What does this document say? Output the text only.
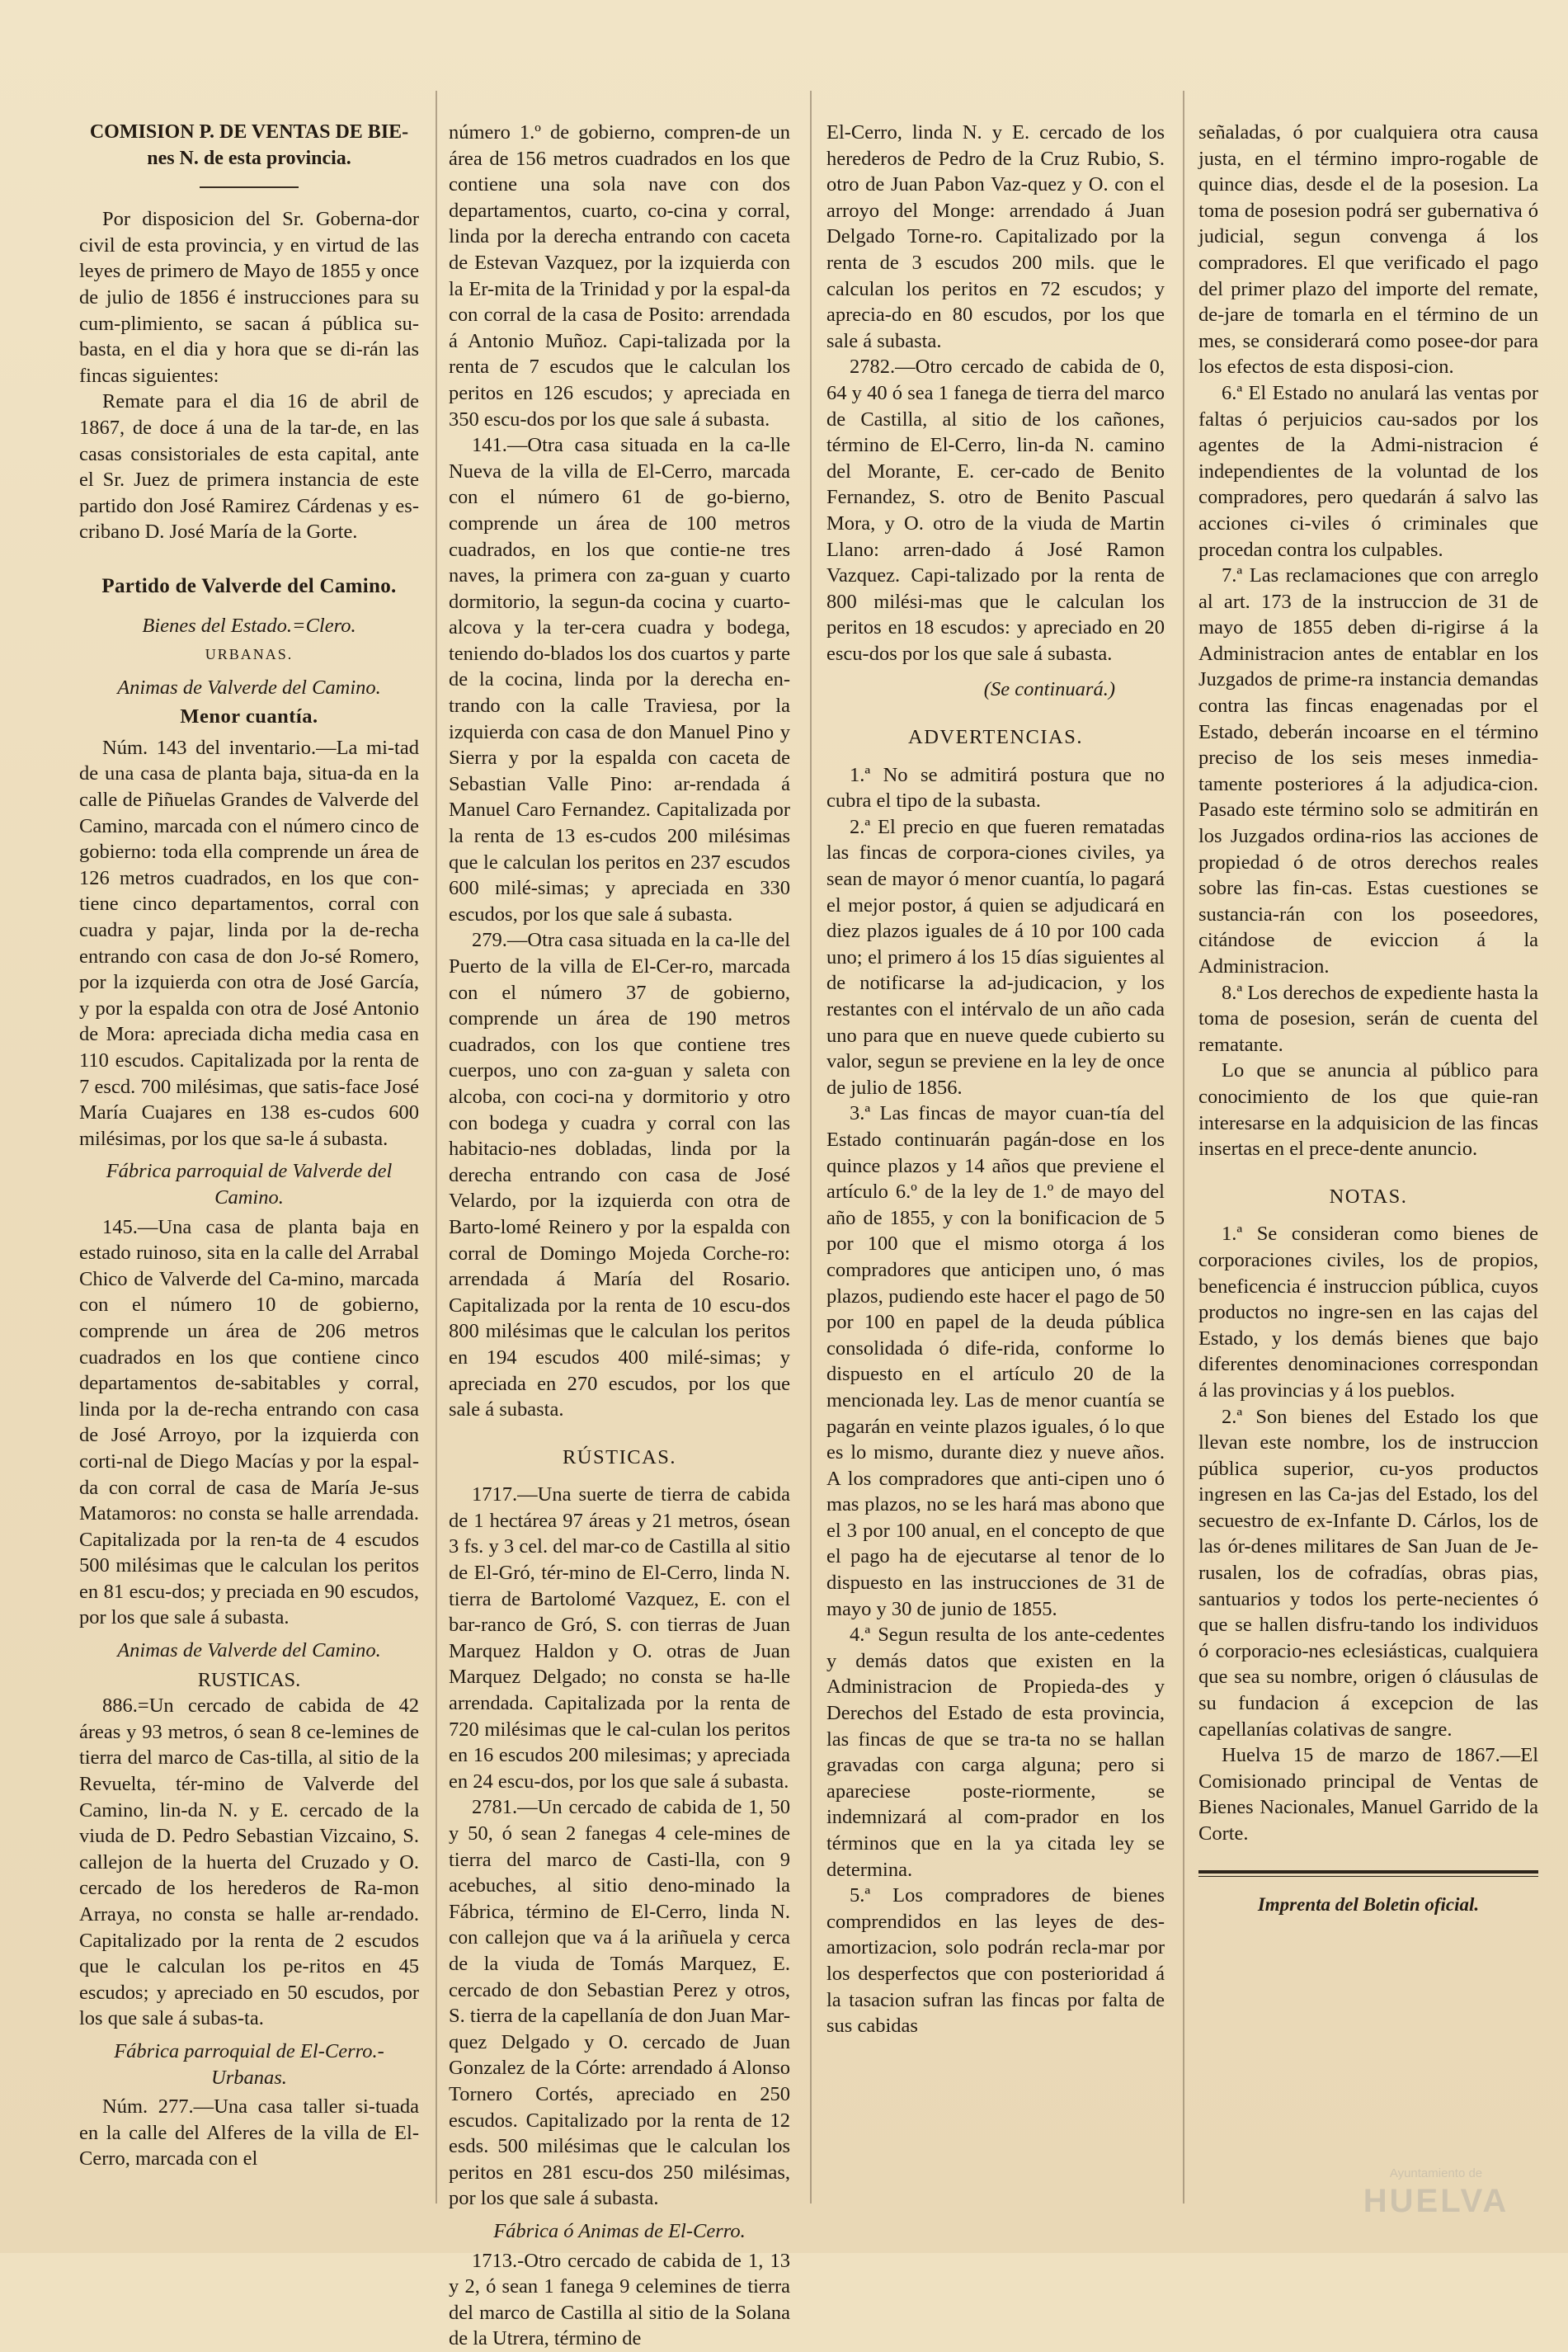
COMISION P. DE VENTAS DE BIE-nes N. de esta provincia.

Por disposicion del Sr. Goberna-dor civil de esta provincia, y en virtud de las leyes de primero de Mayo de 1855 y once de julio de 1856 é instrucciones para su cum-plimiento, se sacan á pública su-basta, en el dia y hora que se di-rán las fincas siguientes:

Remate para el dia 16 de abril de 1867, de doce á una de la tar-de, en las casas consistoriales de esta capital, ante el Sr. Juez de primera instancia de este partido don José Ramirez Cárdenas y es-cribano D. José María de la Gorte.

Partido de Valverde del Camino.

Bienes del Estado.=Clero.

URBANAS.

Animas de Valverde del Camino.

Menor cuantía.

Núm. 143 del inventario.—La mi-tad de una casa de planta baja, situa-da en la calle de Piñuelas Grandes de Valverde del Camino, marcada con el número cinco de gobierno: toda ella comprende un área de 126 metros cuadrados, en los que con-tiene cinco departamentos, corral con cuadra y pajar, linda por la de-recha entrando con casa de don Jo-sé Romero, por la izquierda con otra de José García, y por la espalda con otra de José Antonio de Mora: apreciada dicha media casa en 110 escudos. Capitalizada por la renta de 7 escd. 700 milésimas, que satis-face José María Cuajares en 138 es-cudos 600 milésimas, por los que sa-le á subasta.

Fábrica parroquial de Valverde del Camino.

145.—Una casa de planta baja en estado ruinoso, sita en la calle del Arrabal Chico de Valverde del Ca-mino, marcada con el número 10 de gobierno, comprende un área de 206 metros cuadrados en los que contiene cinco departamentos de-sabitables y corral, linda por la de-recha entrando con casa de José Arroyo, por la izquierda con corti-nal de Diego Macías y por la espal-da con corral de casa de María Je-sus Matamoros: no consta se halle arrendada. Capitalizada por la ren-ta de 4 escudos 500 milésimas que le calculan los peritos en 81 escu-dos; y preciada en 90 escudos, por los que sale á subasta.

Animas de Valverde del Camino.

RUSTICAS.

886.=Un cercado de cabida de 42 áreas y 93 metros, ó sean 8 ce-lemines de tierra del marco de Cas-tilla, al sitio de la Revuelta, tér-mino de Valverde del Camino, lin-da N. y E. cercado de la viuda de D. Pedro Sebastian Vizcaino, S. callejon de la huerta del Cruzado y O. cercado de los herederos de Ra-mon Arraya, no consta se halle ar-rendado. Capitalizado por la renta de 2 escudos que le calculan los pe-ritos en 45 escudos; y apreciado en 50 escudos, por los que sale á subas-ta.

Fábrica parroquial de El-Cerro.- Urbanas.

Núm. 277.—Una casa taller si-tuada en la calle del Alferes de la villa de El-Cerro, marcada con el

número 1.º de gobierno, compren-de un área de 156 metros cuadrados en los que contiene una sola nave con dos departamentos, cuarto, co-cina y corral, linda por la derecha entrando con caceta de Estevan Vazquez, por la izquierda con la Er-mita de la Trinidad y por la espal-da con corral de la casa de Posito: arrendada á Antonio Muñoz. Capi-talizada por la renta de 7 escudos que le calculan los peritos en 126 escudos; y apreciada en 350 escu-dos por los que sale á subasta.

141.—Otra casa situada en la ca-lle Nueva de la villa de El-Cerro, marcada con el número 61 de go-bierno, comprende un área de 100 metros cuadrados, en los que contie-ne tres naves, la primera con za-guan y cuarto dormitorio, la segun-da cocina y cuarto-alcova y la ter-cera cuadra y bodega, teniendo do-blados los dos cuartos y parte de la cocina, linda por la derecha en-trando con la calle Traviesa, por la izquierda con casa de don Manuel Pino y Sierra y por la espalda con caceta de Sebastian Valle Pino: ar-rendada á Manuel Caro Fernandez. Capitalizada por la renta de 13 es-cudos 200 milésimas que le calculan los peritos en 237 escudos 600 milé-simas; y apreciada en 330 escudos, por los que sale á subasta.

279.—Otra casa situada en la ca-lle del Puerto de la villa de El-Cer-ro, marcada con el número 37 de gobierno, comprende un área de 190 metros cuadrados, con los que contiene tres cuerpos, uno con za-guan y saleta con alcoba, con coci-na y dormitorio y otro con bodega y cuadra y corral con las habitacio-nes dobladas, linda por la derecha entrando con casa de José Velardo, por la izquierda con otra de Barto-lomé Reinero y por la espalda con corral de Domingo Mojeda Corche-ro: arrendada á María del Rosario. Capitalizada por la renta de 10 escu-dos 800 milésimas que le calculan los peritos en 194 escudos 400 milé-simas; y apreciada en 270 escudos, por los que sale á subasta.

RÚSTICAS.

1717.—Una suerte de tierra de cabida de 1 hectárea 97 áreas y 21 metros, ósean 3 fs. y 3 cel. del mar-co de Castilla al sitio de El-Gró, tér-mino de El-Cerro, linda N. tierra de Bartolomé Vazquez, E. con el bar-ranco de Gró, S. con tierras de Juan Marquez Haldon y O. otras de Juan Marquez Delgado; no consta se ha-lle arrendada. Capitalizada por la renta de 720 milésimas que le cal-culan los peritos en 16 escudos 200 milesimas; y apreciada en 24 escu-dos, por los que sale á subasta.

2781.—Un cercado de cabida de 1, 50 y 50, ó sean 2 fanegas 4 cele-mines de tierra del marco de Casti-lla, con 9 acebuches, al sitio deno-minado la Fábrica, término de El-Cerro, linda N. con callejon que va á la ariñuela y cerca de la viuda de Tomás Marquez, E. cercado de don Sebastian Perez y otros, S. tierra de la capellanía de don Juan Mar-quez Delgado y O. cercado de Juan Gonzalez de la Córte: arrendado á Alonso Tornero Cortés, apreciado en 250 escudos. Capitalizado por la renta de 12 esds. 500 milésimas que le calculan los peritos en 281 escu-dos 250 milésimas, por los que sale á subasta.

Fábrica ó Animas de El-Cerro.

1713.-Otro cercado de cabida de 1, 13 y 2, ó sean 1 fanega 9 celemines de tierra del marco de Castilla al sitio de la Solana de la Utrera, término de

El-Cerro, linda N. y E. cercado de los herederos de Pedro de la Cruz Rubio, S. otro de Juan Pabon Vaz-quez y O. con el arroyo del Monge: arrendado á Juan Delgado Torne-ro. Capitalizado por la renta de 3 escudos 200 mils. que le calculan los peritos en 72 escudos; y aprecia-do en 80 escudos, por los que sale á subasta.

2782.—Otro cercado de cabida de 0, 64 y 40 ó sea 1 fanega de tierra del marco de Castilla, al sitio de los cañones, término de El-Cerro, lin-da N. camino del Morante, E. cer-cado de Benito Fernandez, S. otro de Benito Pascual Mora, y O. otro de la viuda de Martin Llano: arren-dado á José Ramon Vazquez. Capi-talizado por la renta de 800 milési-mas que le calculan los peritos en 18 escudos: y apreciado en 20 escu-dos por los que sale á subasta.

(Se continuará.)

ADVERTENCIAS.

1.ª No se admitirá postura que no cubra el tipo de la subasta.

2.ª El precio en que fueren rematadas las fincas de corpora-ciones civiles, ya sean de mayor ó menor cuantía, lo pagará el mejor postor, á quien se adjudicará en diez plazos iguales de á 10 por 100 cada uno; el primero á los 15 días siguientes al de notificarse la ad-judicacion, y los restantes con el intérvalo de un año cada uno para que en nueve quede cubierto su valor, segun se previene en la ley de once de julio de 1856.

3.ª Las fincas de mayor cuan-tía del Estado continuarán pagán-dose en los quince plazos y 14 años que previene el artículo 6.º de la ley de 1.º de mayo del año de 1855, y con la bonificacion de 5 por 100 que el mismo otorga á los compradores que anticipen uno, ó mas plazos, pudiendo este hacer el pago de 50 por 100 en papel de la deuda pública consolidada ó dife-rida, conforme lo dispuesto en el artículo 20 de la mencionada ley. Las de menor cuantía se pagarán en veinte plazos iguales, ó lo que es lo mismo, durante diez y nueve años. A los compradores que anti-cipen uno ó mas plazos, no se les hará mas abono que el 3 por 100 anual, en el concepto de que el pago ha de ejecutarse al tenor de lo dispuesto en las instrucciones de 31 de mayo y 30 de junio de 1855.

4.ª Segun resulta de los ante-cedentes y demás datos que existen en la Administracion de Propieda-des y Derechos del Estado de esta provincia, las fincas de que se tra-ta no se hallan gravadas con carga alguna; pero si apareciese poste-riormente, se indemnizará al com-prador en los términos que en la ya citada ley se determina.

5.ª Los compradores de bienes comprendidos en las leyes de des-amortizacion, solo podrán recla-mar por los desperfectos que con posterioridad á la tasacion sufran las fincas por falta de sus cabidas

señaladas, ó por cualquiera otra causa justa, en el término impro-rogable de quince dias, desde el de la posesion. La toma de posesion podrá ser gubernativa ó judicial, segun convenga á los compradores. El que verificado el pago del primer plazo del importe del remate, de-jare de tomarla en el término de un mes, se considerará como posee-dor para los efectos de esta disposi-cion.

6.ª El Estado no anulará las ventas por faltas ó perjuicios cau-sados por los agentes de la Admi-nistracion é independientes de la voluntad de los compradores, pero quedarán á salvo las acciones ci-viles ó criminales que procedan contra los culpables.

7.ª Las reclamaciones que con arreglo al art. 173 de la instruccion de 31 de mayo de 1855 deben di-rigirse á la Administracion antes de entablar en los Juzgados de prime-ra instancia demandas contra las fincas enagenadas por el Estado, deberán incoarse en el término preciso de los seis meses inmedia-tamente posteriores á la adjudica-cion. Pasado este término solo se admitirán en los Juzgados ordina-rios las acciones de propiedad ó de otros derechos reales sobre las fin-cas. Estas cuestiones se sustancia-rán con los poseedores, citándose de eviccion á la Administracion.

8.ª Los derechos de expediente hasta la toma de posesion, serán de cuenta del rematante.

Lo que se anuncia al público para conocimiento de los que quie-ran interesarse en la adquisicion de las fincas insertas en el prece-dente anuncio.

NOTAS.

1.ª Se consideran como bienes de corporaciones civiles, los de propios, beneficencia é instruccion pública, cuyos productos no ingre-sen en las cajas del Estado, y los demás bienes que bajo diferentes denominaciones correspondan á las provincias y á los pueblos.

2.ª Son bienes del Estado los que llevan este nombre, los de instruccion pública superior, cu-yos productos ingresen en las Ca-jas del Estado, los del secuestro de ex-Infante D. Cárlos, los de las ór-denes militares de San Juan de Je-rusalen, los de cofradías, obras pias, santuarios y todos los perte-necientes ó que se hallen disfru-tando los individuos ó corporacio-nes eclesiásticas, cualquiera que sea su nombre, origen ó cláusulas de su fundacion á excepcion de las capellanías colativas de sangre.

Huelva 15 de marzo de 1867.—El Comisionado principal de Ventas de Bienes Nacionales, Manuel Garrido de la Corte.

Imprenta del Boletin oficial.

Ayuntamiento de
HUELVA
